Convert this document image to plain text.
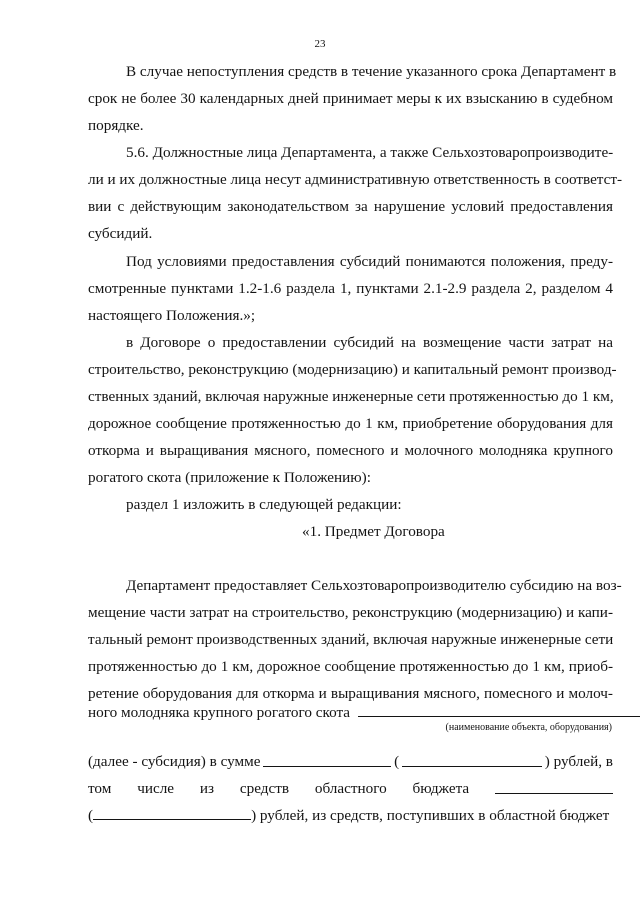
23
В случае непоступления средств в течение указанного срока Департамент в
срок не более 30 календарных дней принимает меры к их взысканию в судебном
порядке.
5.6. Должностные лица Департамента, а также Сельхозтоваропроизводите-
ли и их должностные лица несут административную ответственность в соответст-
вии с действующим законодательством за нарушение условий предоставления
субсидий.
Под условиями предоставления субсидий понимаются положения, преду-
смотренные пунктами 1.2-1.6 раздела 1, пунктами 2.1-2.9 раздела 2, разделом 4
настоящего Положения.»;
в Договоре о предоставлении субсидий на возмещение части затрат на
строительство, реконструкцию (модернизацию) и капитальный ремонт производ-
ственных зданий, включая наружные инженерные сети протяженностью до 1 км,
дорожное сообщение протяженностью до 1 км, приобретение оборудования для
откорма и выращивания мясного, помесного и молочного молодняка крупного
рогатого скота (приложение к Положению):
раздел 1 изложить в следующей редакции:
«1. Предмет Договора
Департамент предоставляет Сельхозтоваропроизводителю субсидию на воз-
мещение части затрат на строительство, реконструкцию (модернизацию) и капи-
тальный ремонт производственных зданий, включая наружные инженерные сети
протяженностью до 1 км, дорожное сообщение протяженностью до 1 км, приоб-
ретение оборудования для откорма и выращивания мясного, помесного и молоч-
ного молодняка крупного рогатого скота
(наименование объекта, оборудования)
(далее - субсидия) в сумме	(	) рублей, в
том числе из средств областного бюджета
(	) рублей, из средств, поступивших в областной бюджет
